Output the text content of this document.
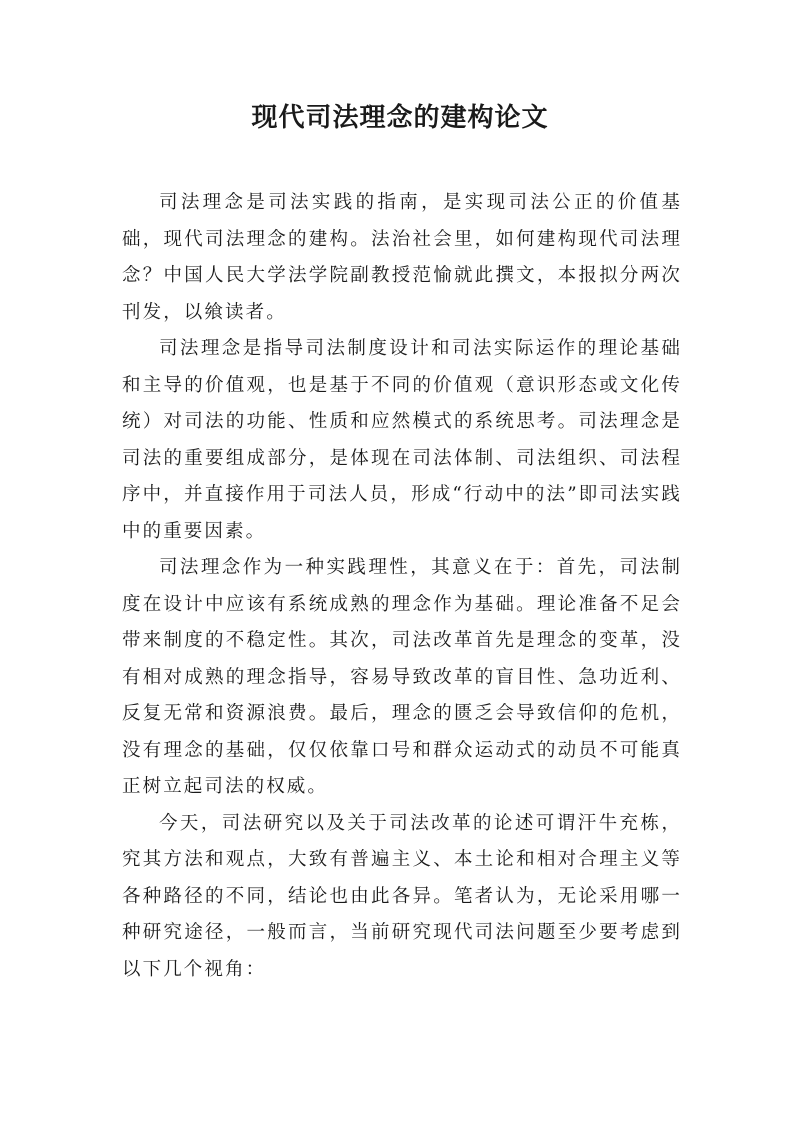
现代司法理念的建构论文

司法理念是司法实践的指南，是实现司法公正的价值基础，现代司法理念的建构。法治社会里，如何建构现代司法理念？中国人民大学法学院副教授范愉就此撰文，本报拟分两次刊发，以飨读者。

司法理念是指导司法制度设计和司法实际运作的理论基础和主导的价值观，也是基于不同的价值观（意识形态或文化传统）对司法的功能、性质和应然模式的系统思考。司法理念是司法的重要组成部分，是体现在司法体制、司法组织、司法程序中，并直接作用于司法人员，形成“行动中的法”即司法实践中的重要因素。

司法理念作为一种实践理性，其意义在于：首先，司法制度在设计中应该有系统成熟的理念作为基础。理论准备不足会带来制度的不稳定性。其次，司法改革首先是理念的变革，没有相对成熟的理念指导，容易导致改革的盲目性、急功近利、反复无常和资源浪费。最后，理念的匮乏会导致信仰的危机，没有理念的基础，仅仅依靠口号和群众运动式的动员不可能真正树立起司法的权威。

今天，司法研究以及关于司法改革的论述可谓汗牛充栋，究其方法和观点，大致有普遍主义、本土论和相对合理主义等各种路径的不同，结论也由此各异。笔者认为，无论采用哪一种研究途径，一般而言，当前研究现代司法问题至少要考虑到以下几个视角：
